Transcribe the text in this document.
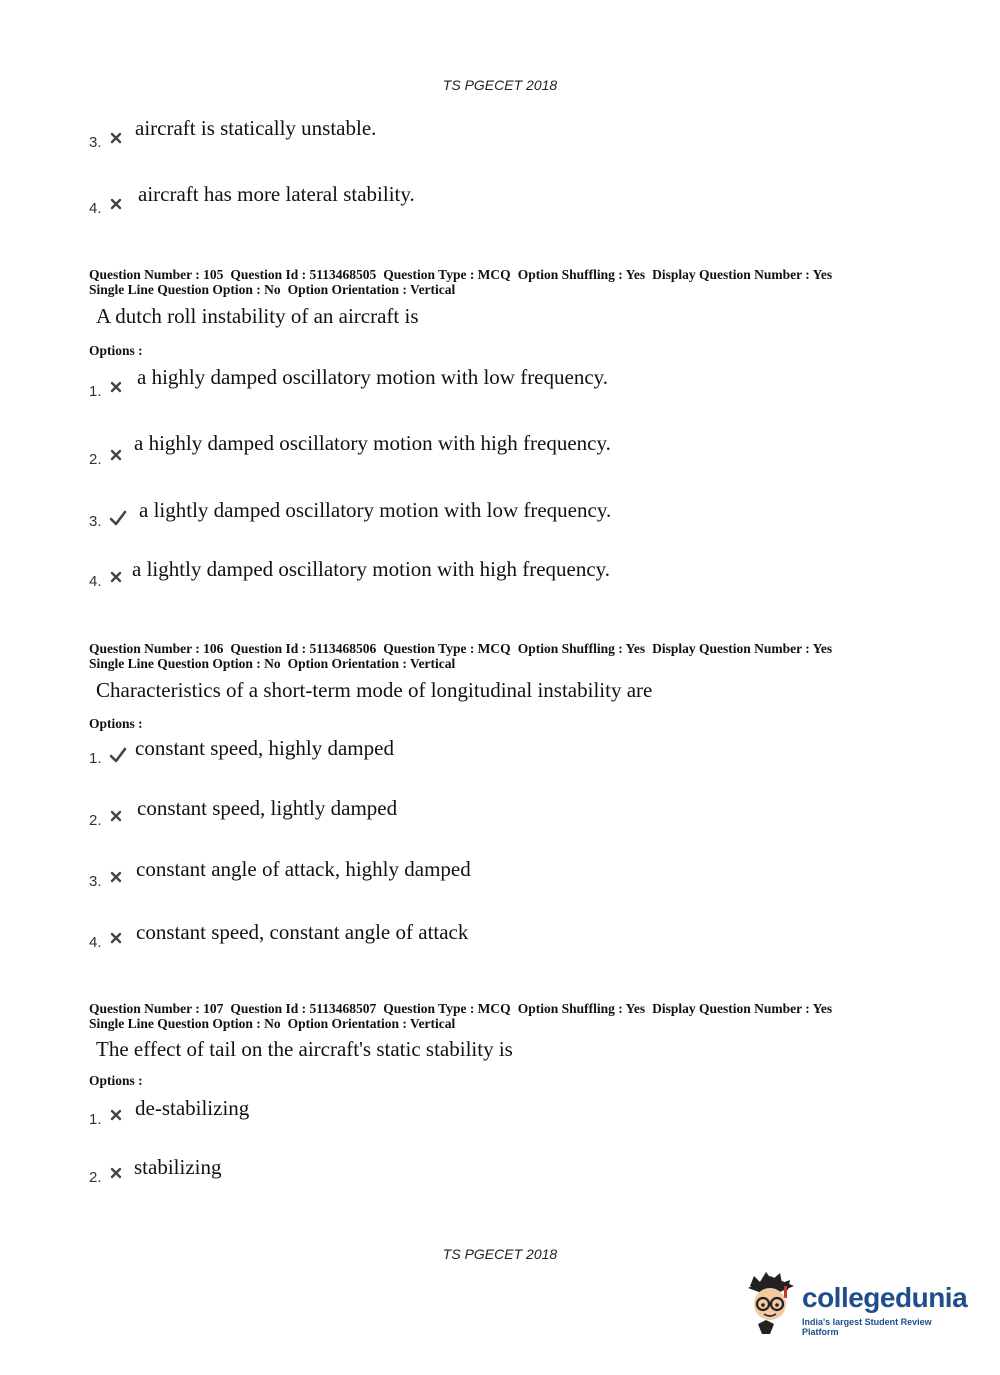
TS PGECET 2018
3.
aircraft is statically unstable.
4.
aircraft has more lateral stability.
Question Number : 105 Question Id : 5113468505 Question Type : MCQ Option Shuffling : Yes Display Question Number : Yes
Single Line Question Option : No Option Orientation : Vertical
A dutch roll instability of an aircraft is
Options :
1.
a highly damped oscillatory motion with low frequency.
2.
a highly damped oscillatory motion with high frequency.
3. a lightly damped oscillatory motion with low frequency.
4.
a lightly damped oscillatory motion with high frequency.
Question Number : 106 Question Id : 5113468506 Question Type : MCQ Option Shuffling : Yes Display Question Number : Yes
Single Line Question Option : No Option Orientation : Vertical
Characteristics of a short-term mode of longitudinal instability are
Options :
1. constant speed, highly damped
2.
constant speed, lightly damped
3.
constant angle of attack, highly damped
4. constant speed, constant angle of attack
Question Number : 107 Question Id : 5113468507 Question Type : MCQ Option Shuffling : Yes Display Question Number : Yes
Single Line Question Option : No Option Orientation : Vertical
The effect of tail on the aircraft's static stability is
Options :
1. de-stabilizing
2. stabilizing
TS PGECET 2018
collegedunia
India's largest Student Review Platform
